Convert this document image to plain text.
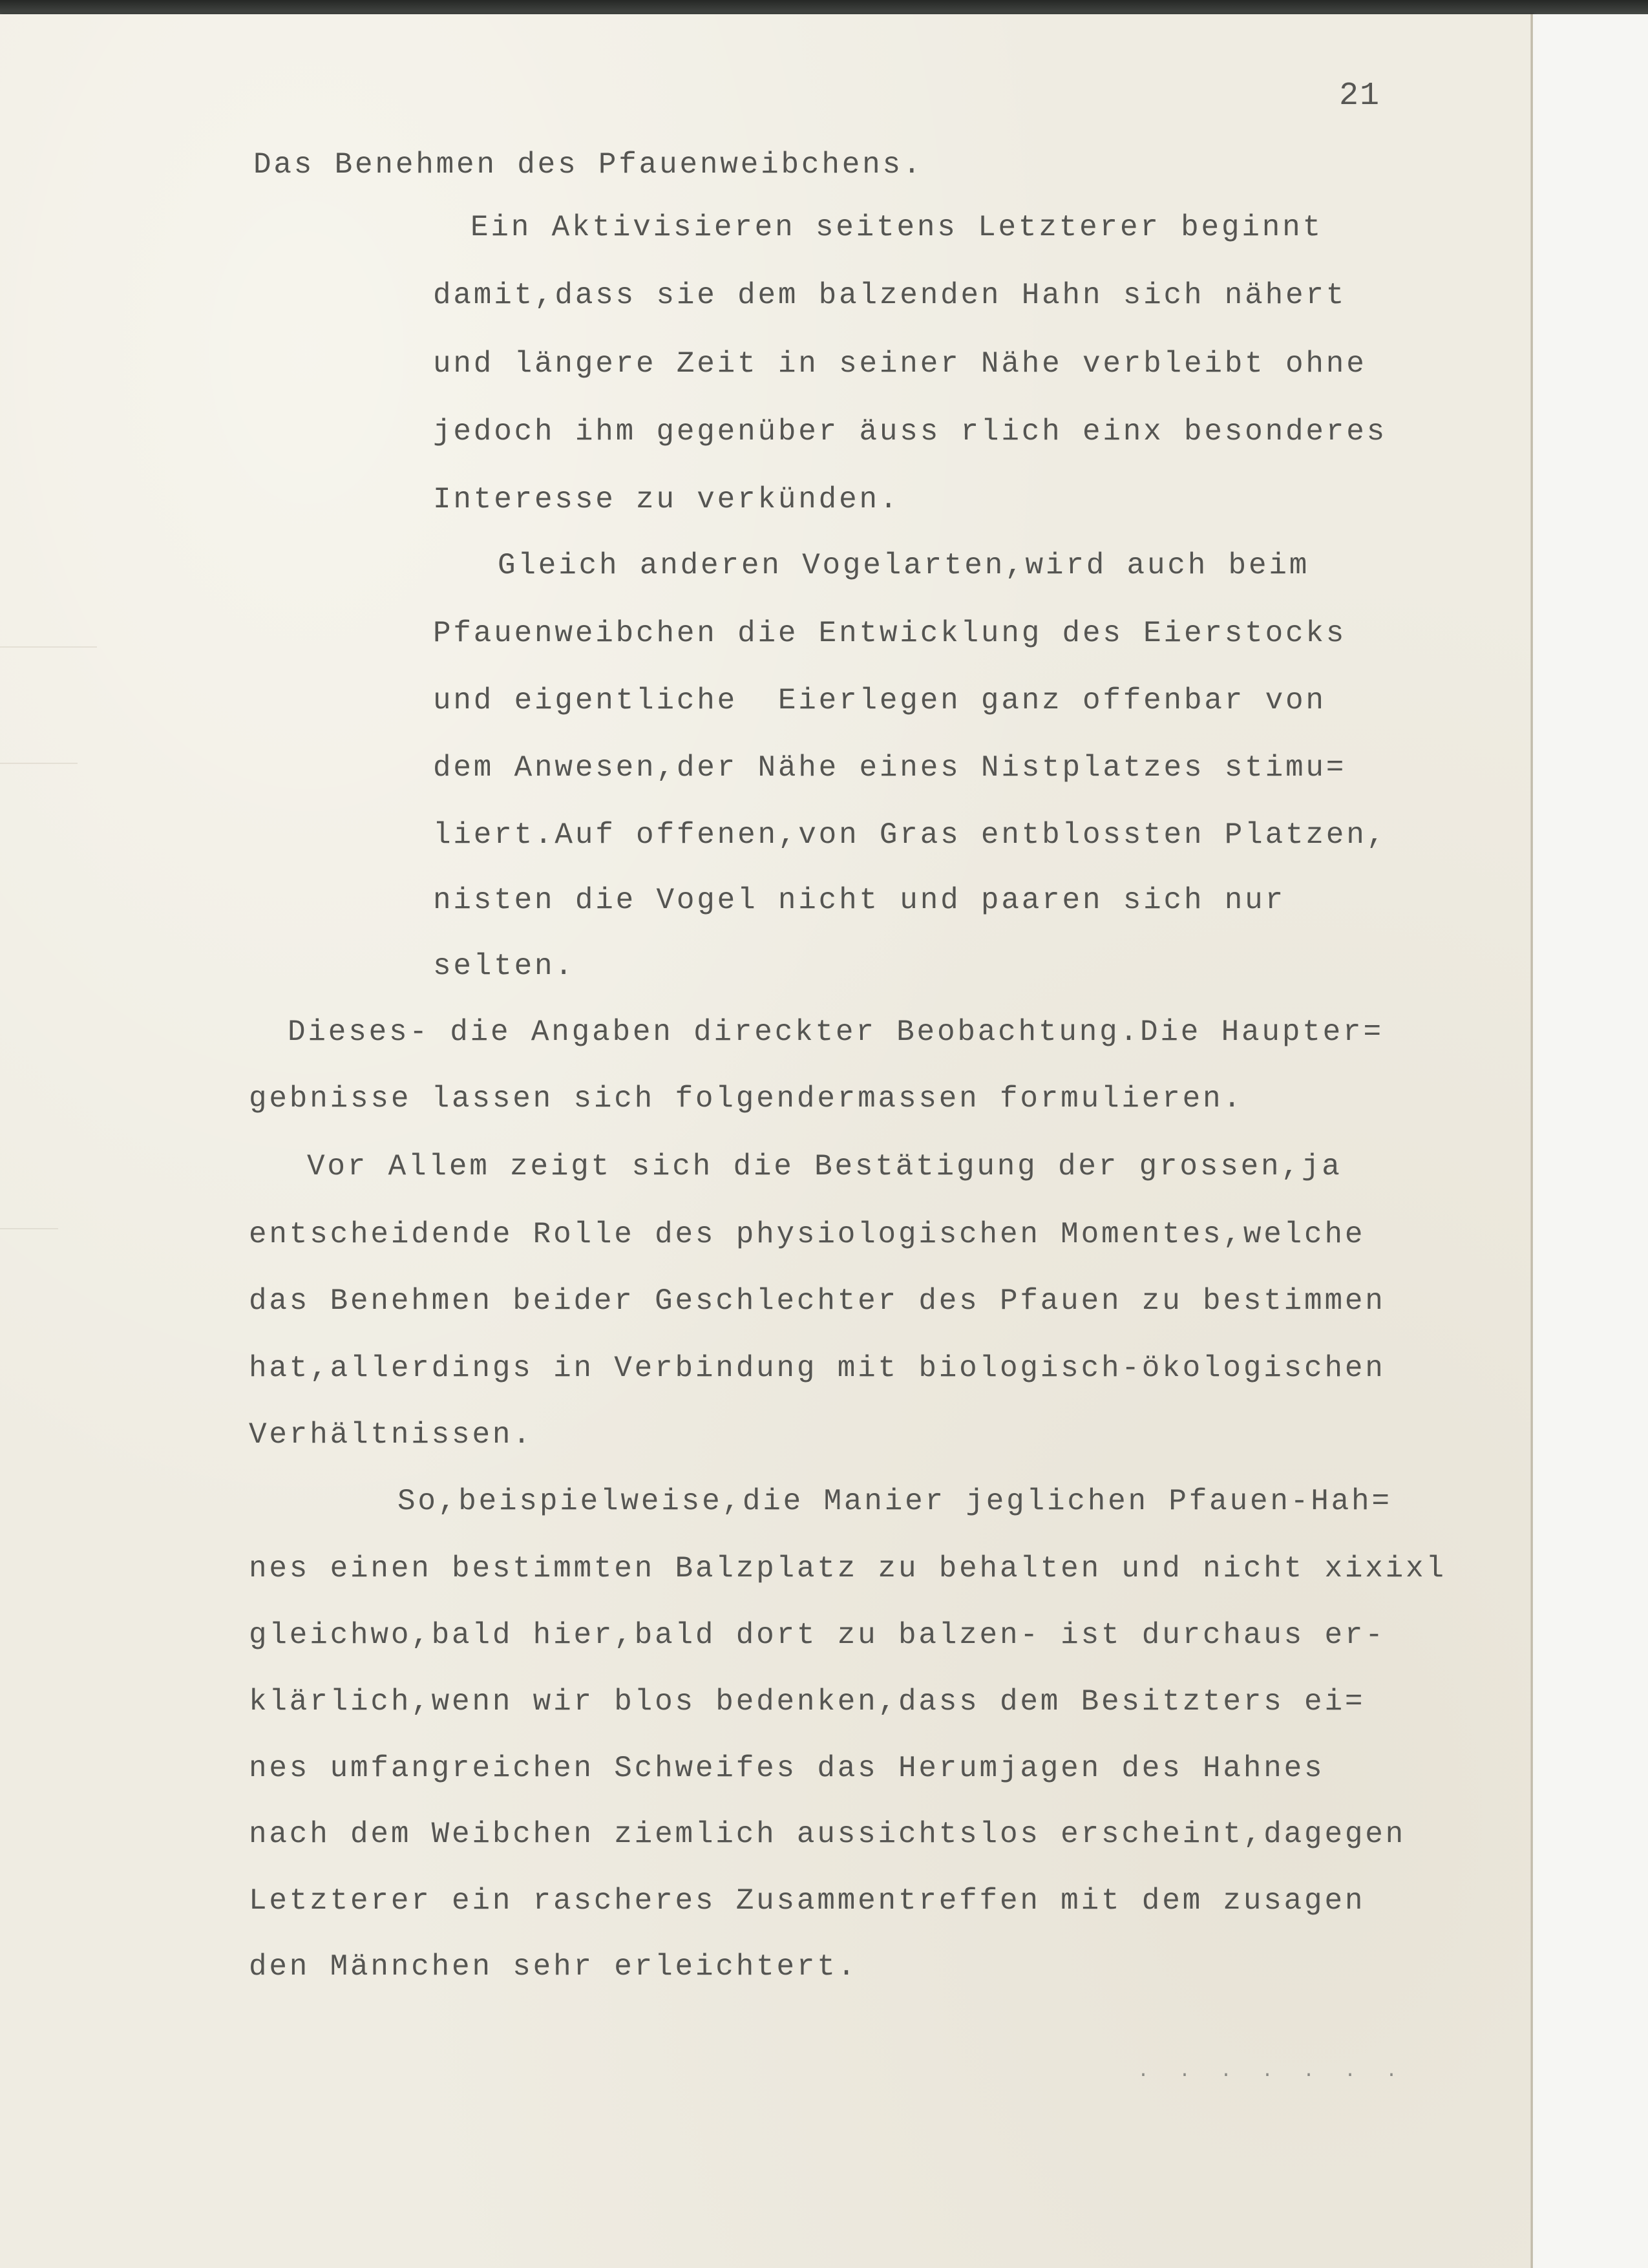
21
Das Benehmen des Pfauenweibchens.
Ein Aktivisieren seitens Letzterer beginnt
damit,dass sie dem balzenden Hahn sich nähert
und längere Zeit in seiner Nähe verbleibt ohne
jedoch ihm gegenüber äuss rlich einx besonderes
Interesse zu verkünden.
Gleich anderen Vogelarten,wird auch beim
Pfauenweibchen die Entwicklung des Eierstocks
und eigentliche  Eierlegen ganz offenbar von
dem Anwesen,der Nähe eines Nistplatzes stimu=
liert.Auf offenen,von Gras entblossten Platzen,
nisten die Vogel nicht und paaren sich nur
selten.
Dieses- die Angaben direckter Beobachtung.Die Haupter=
gebnisse lassen sich folgendermassen formulieren.
Vor Allem zeigt sich die Bestätigung der grossen,ja
entscheidende Rolle des physiologischen Momentes,welche
das Benehmen beider Geschlechter des Pfauen zu bestimmen
hat,allerdings in Verbindung mit biologisch-ökologischen
Verhältnissen.
So,beispielweise,die Manier jeglichen Pfauen-Hah=
nes einen bestimmten Balzplatz zu behalten und nicht xixixl
gleichwo,bald hier,bald dort zu balzen- ist durchaus er-
klärlich,wenn wir blos bedenken,dass dem Besitzters ei=
nes umfangreichen Schweifes das Herumjagen des Hahnes
nach dem Weibchen ziemlich aussichtslos erscheint,dagegen
Letzterer ein rascheres Zusammentreffen mit dem zusagen
den Männchen sehr erleichtert.
. . . . . . .
